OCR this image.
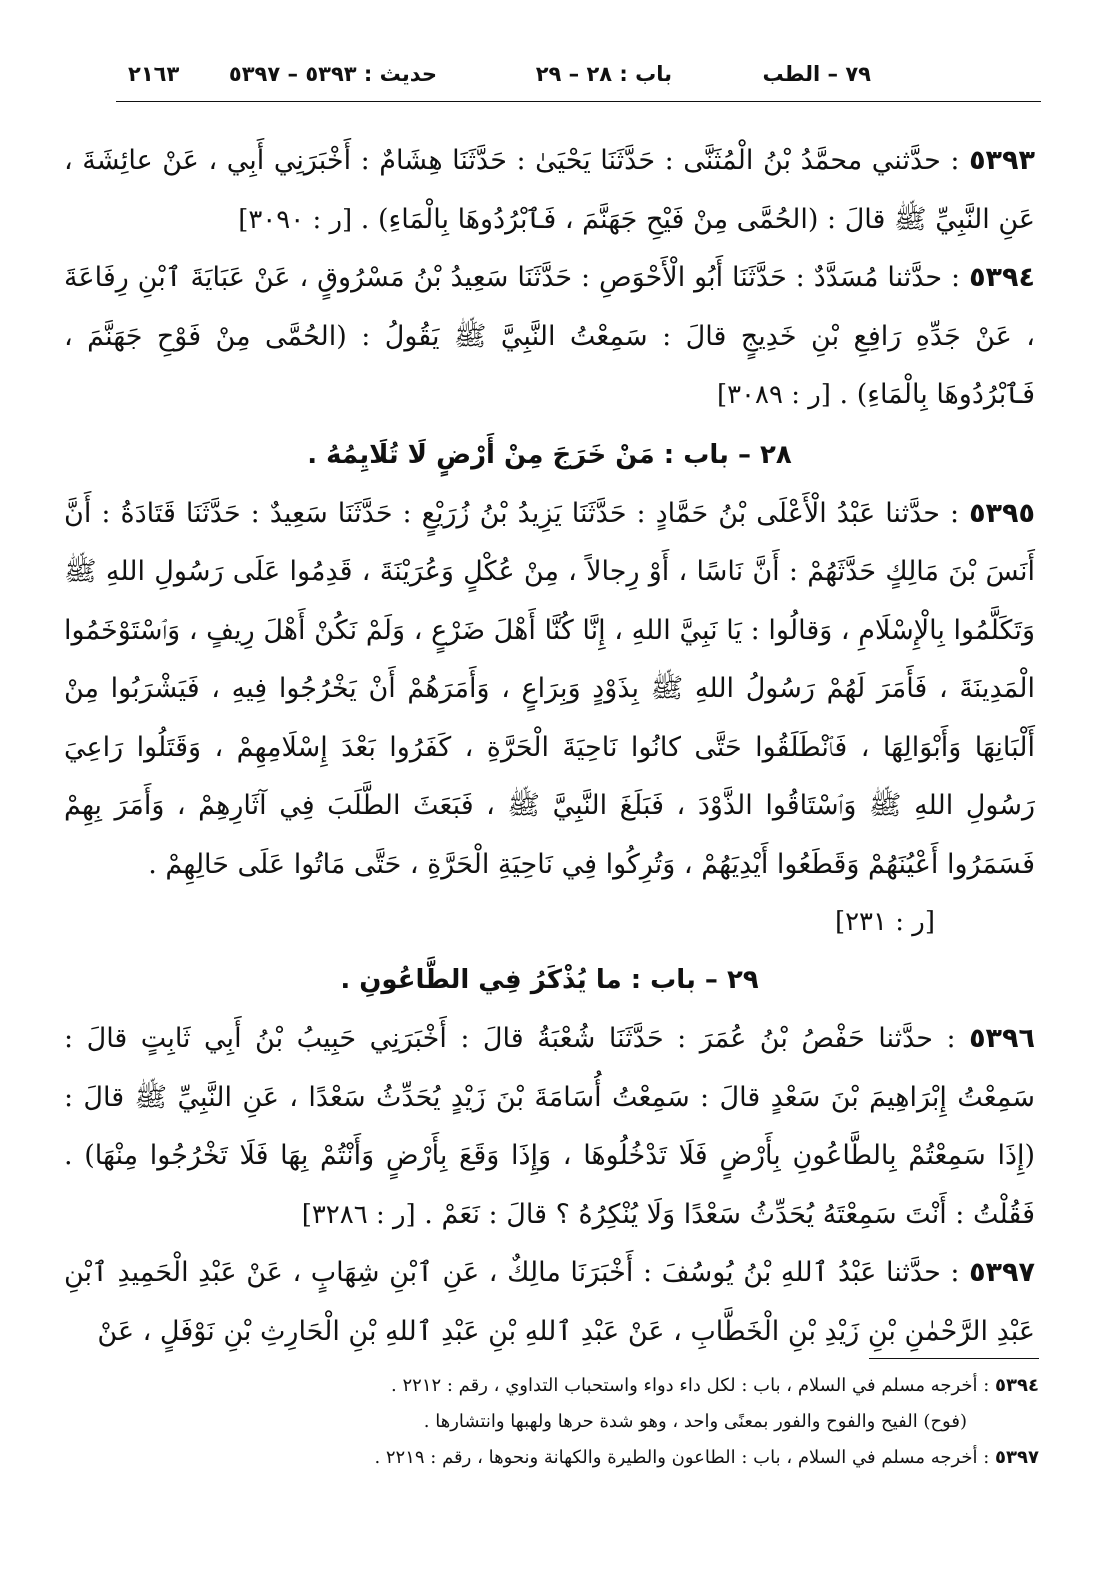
٧٩ – الطب
باب : ٢٨ – ٢٩
حديث : ٥٣٩٣ – ٥٣٩٧
٢١٦٣

٥٣٩٣ : حدَّثني محمَّدُ بْنُ الْمُثَنَّى : حَدَّثَنَا يَحْيَىٰ : حَدَّثَنَا هِشَامٌ : أَخْبَرَنِي أَبِي ، عَنْ عائِشَةَ ، عَنِ النَّبِيِّ ﷺ قالَ : (الحُمَّى مِنْ فَيْحِ جَهَنَّمَ ، فَٱبْرُدُوهَا بِالْمَاءِ) . [ر : ٣٠٩٠]

٥٣٩٤ : حدَّثنا مُسَدَّدٌ : حَدَّثَنَا أَبُو الْأَحْوَصِ : حَدَّثَنَا سَعِيدُ بْنُ مَسْرُوقٍ ، عَنْ عَبَايَةَ ٱبْنِ رِفَاعَةَ ، عَنْ جَدِّهِ رَافِعِ بْنِ خَدِيجٍ قالَ : سَمِعْتُ النَّبِيَّ ﷺ يَقُولُ : (الحُمَّى مِنْ فَوْحِ جَهَنَّمَ ، فَٱبْرُدُوهَا بِالْمَاءِ) . [ر : ٣٠٨٩]

٢٨ – باب : مَنْ خَرَجَ مِنْ أَرْضٍ لَا تُلَايِمُهُ .

٥٣٩٥ : حدَّثنا عَبْدُ الْأَعْلَى بْنُ حَمَّادٍ : حَدَّثَنَا يَزِيدُ بْنُ زُرَيْعٍ : حَدَّثَنَا سَعِيدٌ : حَدَّثَنَا قَتَادَةُ : أَنَّ أَنَسَ بْنَ مَالِكٍ حَدَّثَهُمْ : أَنَّ نَاسًا ، أَوْ رِجالاً ، مِنْ عُكْلٍ وَعُرَيْنَةَ ، قَدِمُوا عَلَى رَسُولِ اللهِ ﷺ وَتَكَلَّمُوا بِالْإِسْلَامِ ، وَقالُوا : يَا نَبِيَّ اللهِ ، إِنَّا كُنَّا أَهْلَ ضَرْعٍ ، وَلَمْ نَكُنْ أَهْلَ رِيفٍ ، وَٱسْتَوْخَمُوا الْمَدِينَةَ ، فَأَمَرَ لَهُمْ رَسُولُ اللهِ ﷺ بِذَوْدٍ وَبِرَاعٍ ، وَأَمَرَهُمْ أَنْ يَخْرُجُوا فِيهِ ، فَيَشْرَبُوا مِنْ أَلْبَانِهَا وَأَبْوَالِهَا ، فَٱنْطَلَقُوا حَتَّى كانُوا نَاحِيَةَ الْحَرَّةِ ، كَفَرُوا بَعْدَ إِسْلَامِهِمْ ، وَقَتَلُوا رَاعِيَ رَسُولِ اللهِ ﷺ وَٱسْتَاقُوا الذَّوْدَ ، فَبَلَغَ النَّبِيَّ ﷺ ، فَبَعَثَ الطَّلَبَ فِي آثَارِهِمْ ، وَأَمَرَ بِهِمْ فَسَمَرُوا أَعْيُنَهُمْ وَقَطَعُوا أَيْدِيَهُمْ ، وَتُرِكُوا فِي نَاحِيَةِ الْحَرَّةِ ، حَتَّى مَاتُوا عَلَى حَالِهِمْ .

[ر : ٢٣١]
٢٩ – باب : ما يُذْكَرُ فِي الطَّاعُونِ .

٥٣٩٦ : حدَّثنا حَفْصُ بْنُ عُمَرَ : حَدَّثَنَا شُعْبَةُ قالَ : أَخْبَرَنِي حَبِيبُ بْنُ أَبِي ثَابِتٍ قالَ : سَمِعْتُ إِبْرَاهِيمَ بْنَ سَعْدٍ قالَ : سَمِعْتُ أُسَامَةَ بْنَ زَيْدٍ يُحَدِّثُ سَعْدًا ، عَنِ النَّبِيِّ ﷺ قالَ : (إِذَا سَمِعْتُمْ بِالطَّاعُونِ بِأَرْضٍ فَلَا تَدْخُلُوهَا ، وَإِذَا وَقَعَ بِأَرْضٍ وَأَنْتُمْ بِهَا فَلَا تَخْرُجُوا مِنْهَا) . فَقُلْتُ : أَنْتَ سَمِعْتَهُ يُحَدِّثُ سَعْدًا وَلَا يُنْكِرُهُ ؟ قالَ : نَعَمْ . [ر : ٣٢٨٦]

٥٣٩٧ : حدَّثنا عَبْدُ ٱللهِ بْنُ يُوسُفَ : أَخْبَرَنَا مالِكٌ ، عَنِ ٱبْنِ شِهَابٍ ، عَنْ عَبْدِ الْحَمِيدِ ٱبْنِ عَبْدِ الرَّحْمٰنِ بْنِ زَيْدِ بْنِ الْخَطَّابِ ، عَنْ عَبْدِ ٱللهِ بْنِ عَبْدِ ٱللهِ بْنِ الْحَارِثِ بْنِ نَوْفَلٍ ، عَنْ

٥٣٩٤ : أخرجه مسلم في السلام ، باب : لكل داء دواء واستحباب التداوي ، رقم : ٢٢١٢ .
(فوح) الفيح والفوح والفور بمعنًى واحد ، وهو شدة حرها ولهبها وانتشارها .
٥٣٩٧ : أخرجه مسلم في السلام ، باب : الطاعون والطيرة والكهانة ونحوها ، رقم : ٢٢١٩ .
